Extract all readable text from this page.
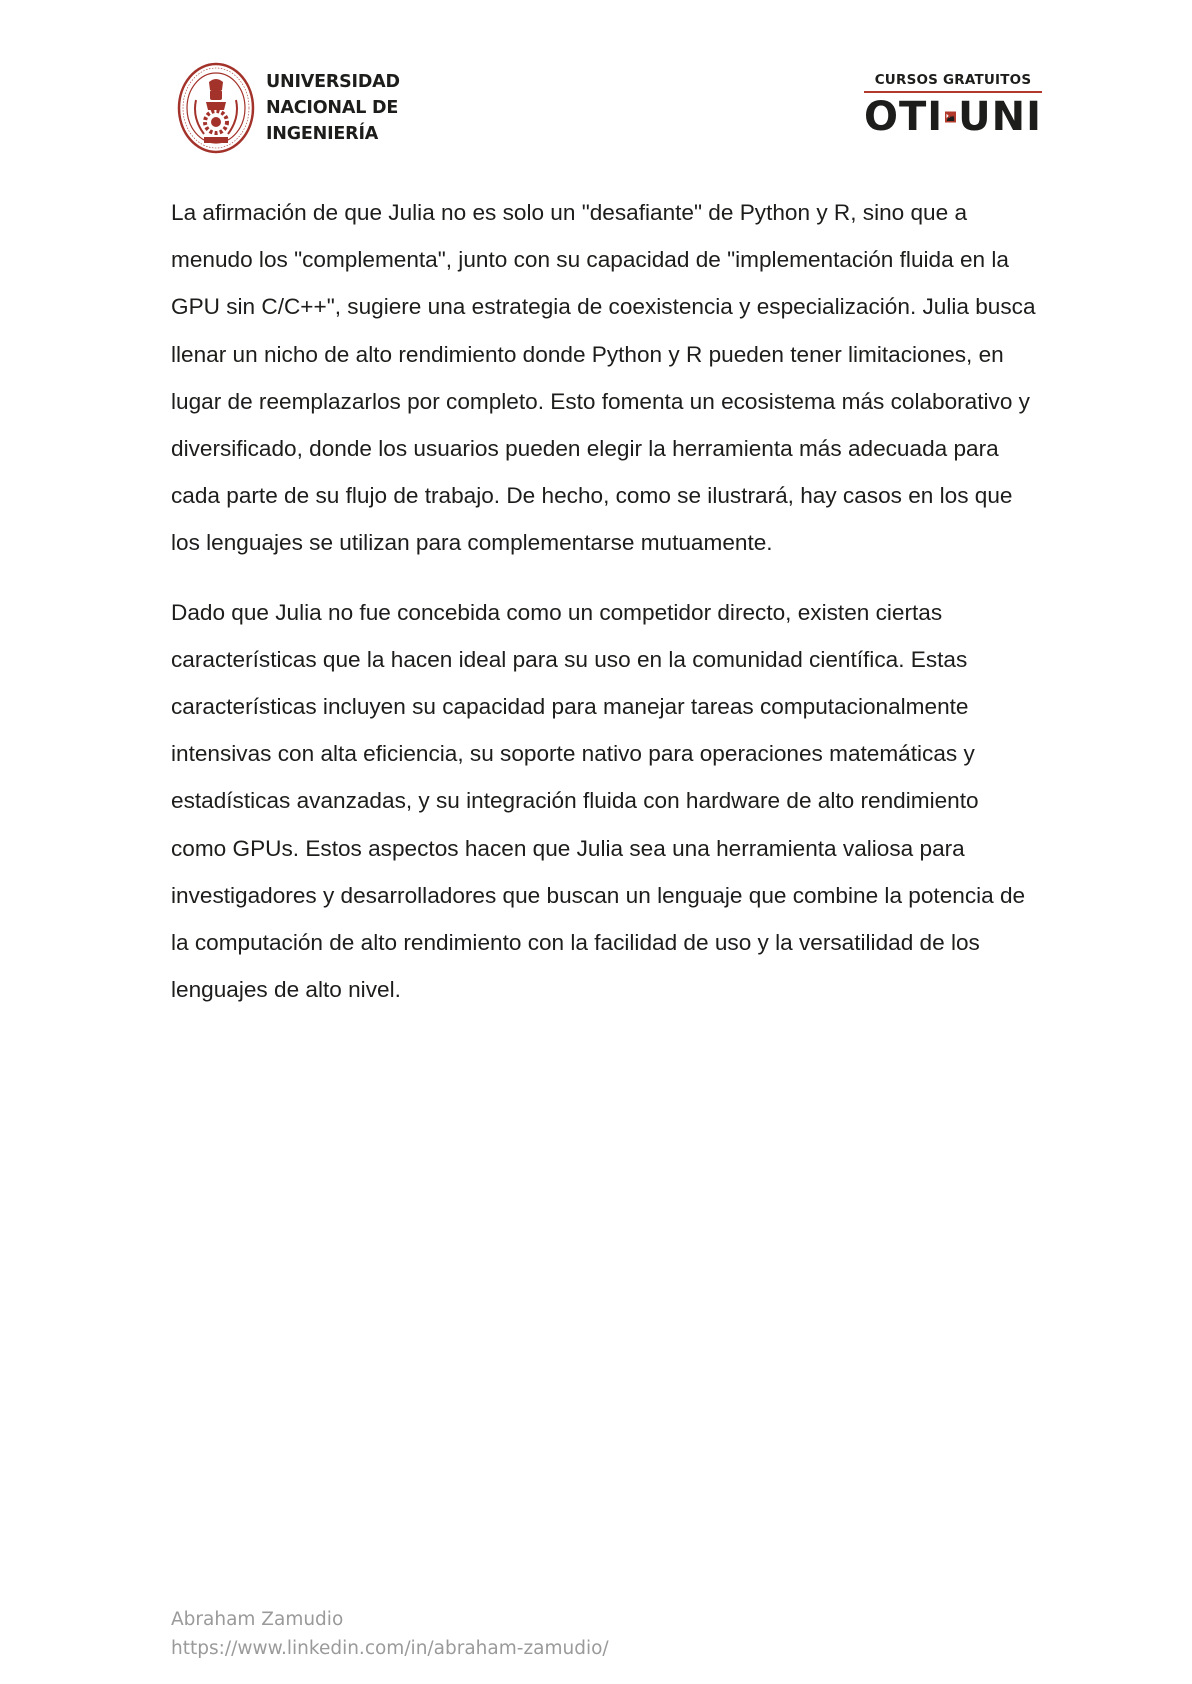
UNIVERSIDAD
NACIONAL DE
INGENIERÍA
CURSOS GRATUITOS
OTI UNI

La afirmación de que Julia no es solo un "desafiante" de Python y R, sino que a menudo los "complementa", junto con su capacidad de "implementación fluida en la GPU sin C/C++", sugiere una estrategia de coexistencia y especialización. Julia busca llenar un nicho de alto rendimiento donde Python y R pueden tener limitaciones, en lugar de reemplazarlos por completo. Esto fomenta un ecosistema más colaborativo y diversificado, donde los usuarios pueden elegir la herramienta más adecuada para cada parte de su flujo de trabajo. De hecho, como se ilustrará, hay casos en los que los lenguajes se utilizan para complementarse mutuamente.

Dado que Julia no fue concebida como un competidor directo, existen ciertas características que la hacen ideal para su uso en la comunidad científica. Estas características incluyen su capacidad para manejar tareas computacionalmente intensivas con alta eficiencia, su soporte nativo para operaciones matemáticas y estadísticas avanzadas, y su integración fluida con hardware de alto rendimiento como GPUs. Estos aspectos hacen que Julia sea una herramienta valiosa para investigadores y desarrolladores que buscan un lenguaje que combine la potencia de la computación de alto rendimiento con la facilidad de uso y la versatilidad de los lenguajes de alto nivel.

Abraham Zamudio
https://www.linkedin.com/in/abraham-zamudio/
